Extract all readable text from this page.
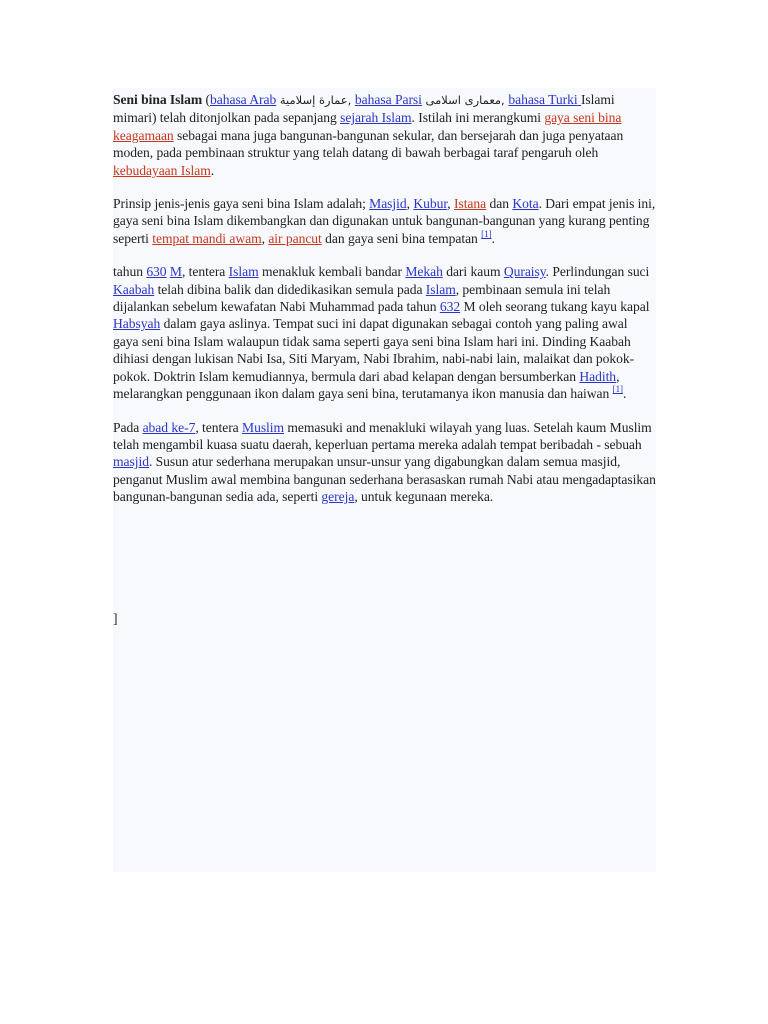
Seni bina Islam (bahasa Arab عمارة إسلامية, bahasa Parsi معماری اسلامی, bahasa Turki Islami mimari) telah ditonjolkan pada sepanjang sejarah Islam. Istilah ini merangkumi gaya seni bina keagamaan sebagai mana juga bangunan-bangunan sekular, dan bersejarah dan juga penyataan moden, pada pembinaan struktur yang telah datang di bawah berbagai taraf pengaruh oleh kebudayaan Islam.

Prinsip jenis-jenis gaya seni bina Islam adalah; Masjid, Kubur, Istana dan Kota. Dari empat jenis ini, gaya seni bina Islam dikembangkan dan digunakan untuk bangunan-bangunan yang kurang penting seperti tempat mandi awam, air pancut dan gaya seni bina tempatan [1].

tahun 630 M, tentera Islam menakluk kembali bandar Mekah dari kaum Quraisy. Perlindungan suci Kaabah telah dibina balik dan didedikasikan semula pada Islam, pembinaan semula ini telah dijalankan sebelum kewafatan Nabi Muhammad pada tahun 632 M oleh seorang tukang kayu kapal Habsyah dalam gaya aslinya. Tempat suci ini dapat digunakan sebagai contoh yang paling awal gaya seni bina Islam walaupun tidak sama seperti gaya seni bina Islam hari ini. Dinding Kaabah dihiasi dengan lukisan Nabi Isa, Siti Maryam, Nabi Ibrahim, nabi-nabi lain, malaikat dan pokok-pokok. Doktrin Islam kemudiannya, bermula dari abad kelapan dengan bersumberkan Hadith, melarangkan penggunaan ikon dalam gaya seni bina, terutamanya ikon manusia dan haiwan [1].

Pada abad ke-7, tentera Muslim memasuki and menakluki wilayah yang luas. Setelah kaum Muslim telah mengambil kuasa suatu daerah, keperluan pertama mereka adalah tempat beribadah - sebuah masjid. Susun atur sederhana merupakan unsur-unsur yang digabungkan dalam semua masjid, penganut Muslim awal membina bangunan sederhana berasaskan rumah Nabi atau mengadaptasikan bangunan-bangunan sedia ada, seperti gereja, untuk kegunaan mereka.

]
